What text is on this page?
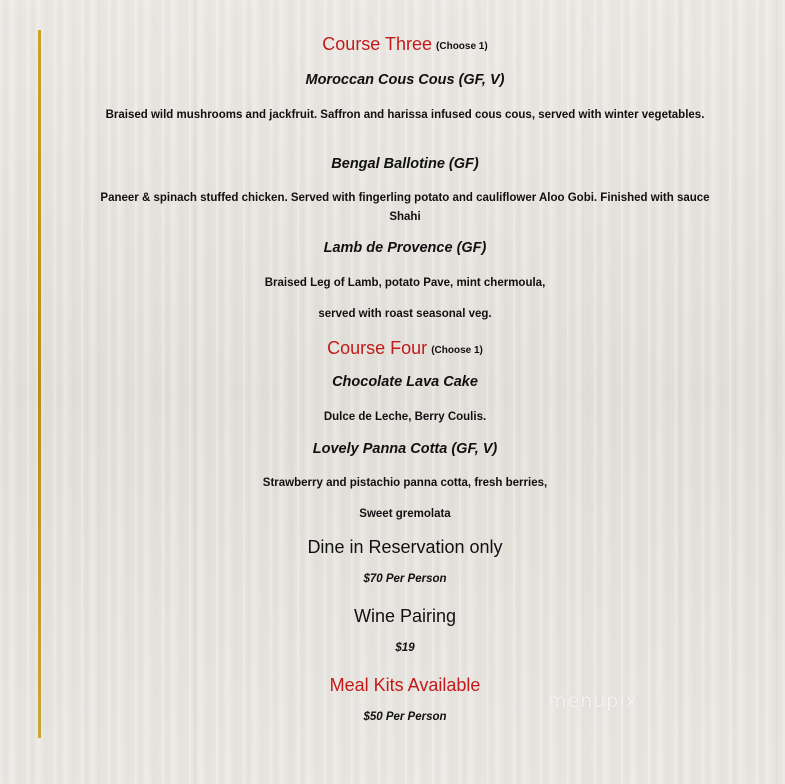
Course Three (Choose 1)

Moroccan Cous Cous (GF, V)

Braised wild mushrooms and jackfruit. Saffron and harissa infused cous cous, served with winter vegetables.

Bengal Ballotine (GF)

Paneer & spinach stuffed chicken. Served with fingerling potato and cauliflower Aloo Gobi. Finished with sauce Shahi

Lamb de Provence (GF)

Braised Leg of Lamb, potato Pave, mint chermoula,

served with roast seasonal veg.

Course Four (Choose 1)

Chocolate Lava Cake

Dulce de Leche, Berry Coulis.

Lovely Panna Cotta (GF, V)

Strawberry and pistachio panna cotta, fresh berries,

Sweet gremolata

Dine in Reservation only

$70 Per Person

Wine Pairing

$19

Meal Kits Available

$50 Per Person

menupix
